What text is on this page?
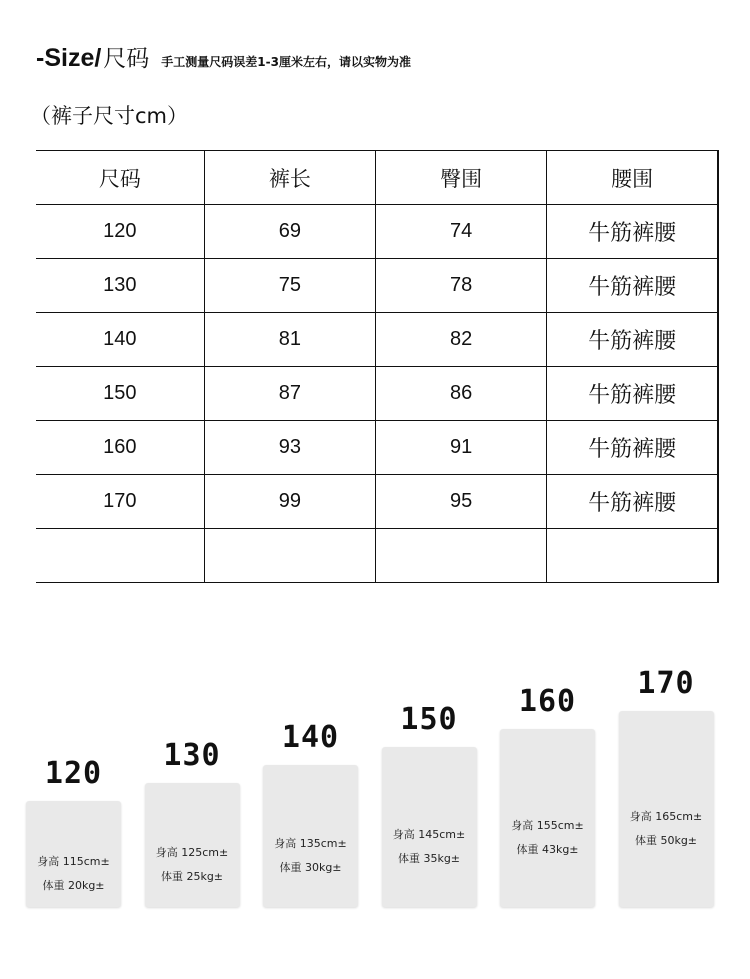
-Size/ 尺码 手工测量尺码误差1-3厘米左右，请以实物为准
（裤子尺寸cm）
尺码	裤长	臀围	腰围
120	69	74	牛筋裤腰
130	75	78	牛筋裤腰
140	81	82	牛筋裤腰
150	87	86	牛筋裤腰
160	93	91	牛筋裤腰
170	99	95	牛筋裤腰

120
身高 115cm±
体重 20kg±
130
身高 125cm±
体重 25kg±
140
身高 135cm±
体重 30kg±
150
身高 145cm±
体重 35kg±
160
身高 155cm±
体重 43kg±
170
身高 165cm±
体重 50kg±
